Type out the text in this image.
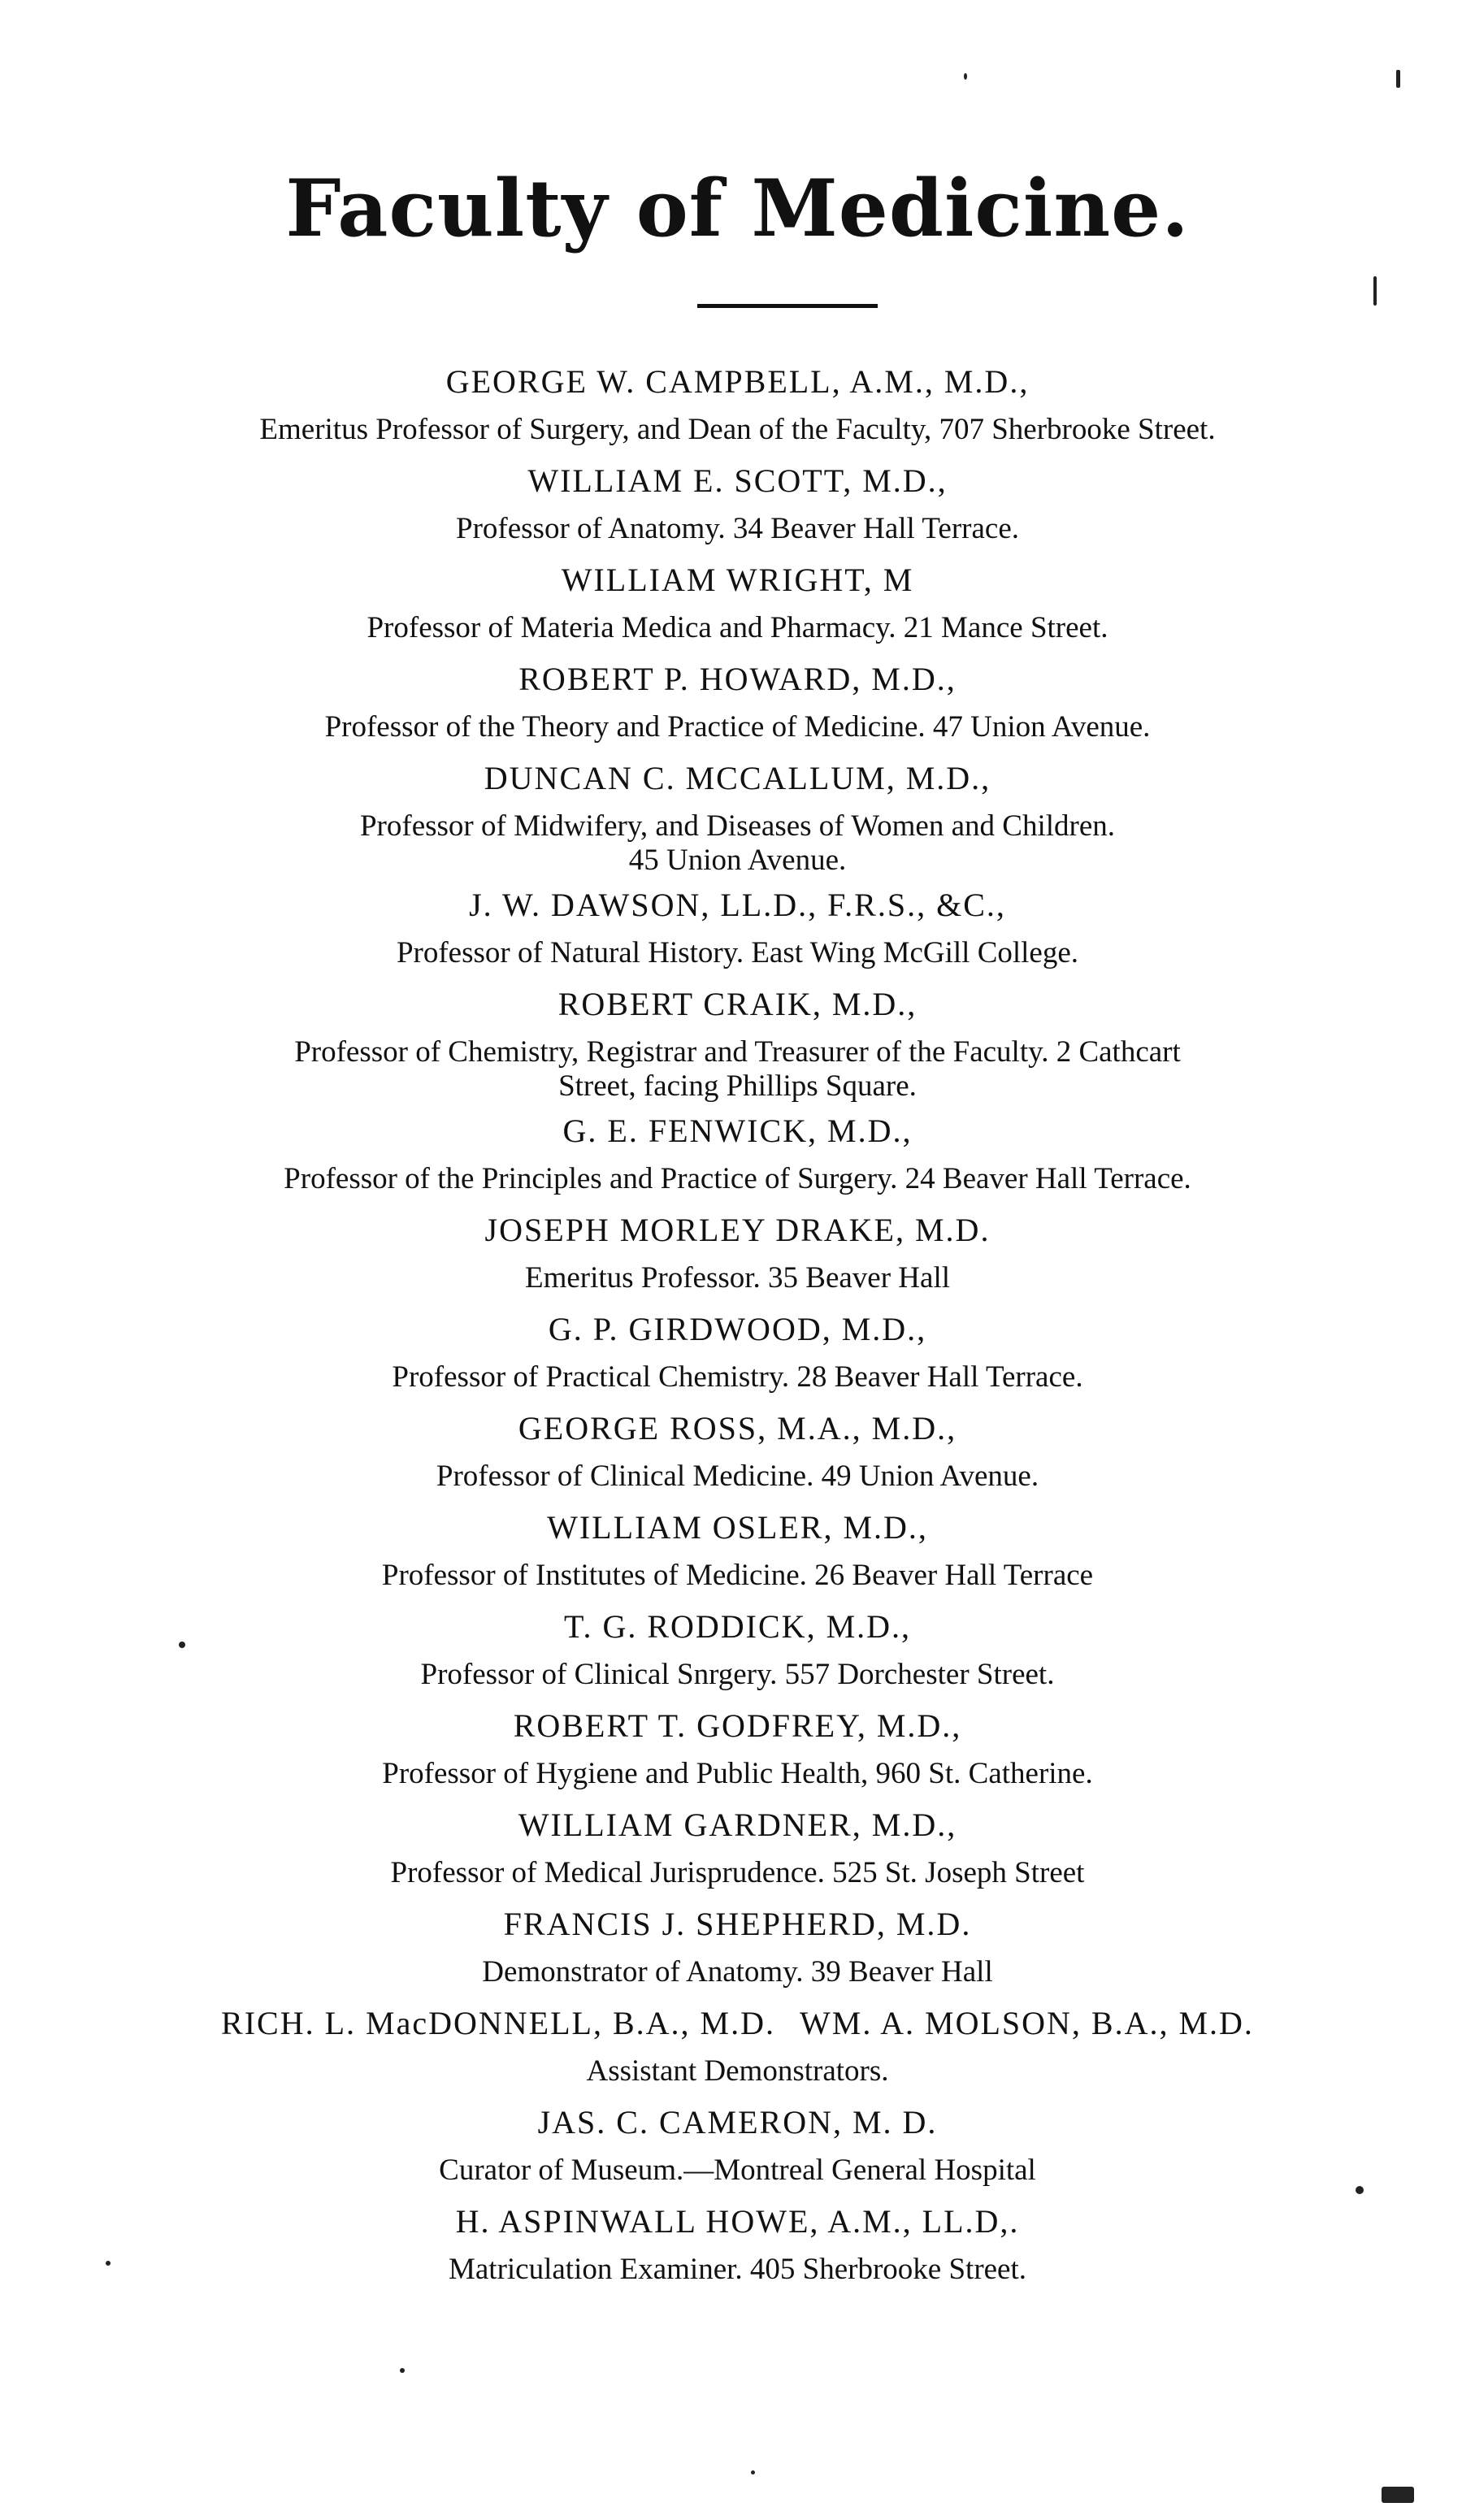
Faculty of Medicine.
GEORGE W. CAMPBELL, A.M., M.D.,
Emeritus Professor of Surgery, and Dean of the Faculty, 707 Sherbrooke Street.
WILLIAM E. SCOTT, M.D.,
Professor of Anatomy. 34 Beaver Hall Terrace.
WILLIAM WRIGHT, M
Professor of Materia Medica and Pharmacy. 21 Mance Street.
ROBERT P. HOWARD, M.D.,
Professor of the Theory and Practice of Medicine. 47 Union Avenue.
DUNCAN C. MCCALLUM, M.D.,
Professor of Midwifery, and Diseases of Women and Children.
45 Union Avenue.
J. W. DAWSON, LL.D., F.R.S., &C.,
Professor of Natural History. East Wing McGill College.
ROBERT CRAIK, M.D.,
Professor of Chemistry, Registrar and Treasurer of the Faculty. 2 Cathcart
Street, facing Phillips Square.
G. E. FENWICK, M.D.,
Professor of the Principles and Practice of Surgery. 24 Beaver Hall Terrace.
JOSEPH MORLEY DRAKE, M.D.
Emeritus Professor. 35 Beaver Hall
G. P. GIRDWOOD, M.D.,
Professor of Practical Chemistry. 28 Beaver Hall Terrace.
GEORGE ROSS, M.A., M.D.,
Professor of Clinical Medicine. 49 Union Avenue.
WILLIAM OSLER, M.D.,
Professor of Institutes of Medicine. 26 Beaver Hall Terrace
T. G. RODDICK, M.D.,
Professor of Clinical Snrgery. 557 Dorchester Street.
ROBERT T. GODFREY, M.D.,
Professor of Hygiene and Public Health, 960 St. Catherine.
WILLIAM GARDNER, M.D.,
Professor of Medical Jurisprudence. 525 St. Joseph Street
FRANCIS J. SHEPHERD, M.D.
Demonstrator of Anatomy. 39 Beaver Hall
RICH. L. MacDONNELL, B.A., M.D. WM. A. MOLSON, B.A., M.D.
Assistant Demonstrators.
JAS. C. CAMERON, M. D.
Curator of Museum.—Montreal General Hospital
H. ASPINWALL HOWE, A.M., LL.D,.
Matriculation Examiner. 405 Sherbrooke Street.
